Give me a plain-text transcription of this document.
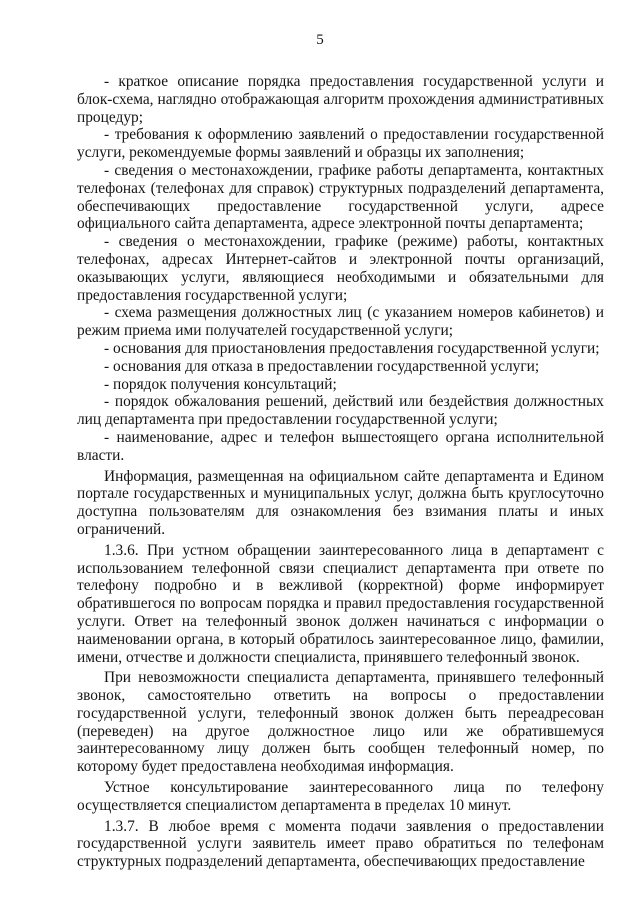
5

- краткое описание порядка предоставления государственной услуги и блок-схема, наглядно отображающая алгоритм прохождения административных процедур;

- требования к оформлению заявлений о предоставлении государственной услуги, рекомендуемые формы заявлений и образцы их заполнения;

- сведения о местонахождении, графике работы департамента, контактных телефонах (телефонах для справок) структурных подразделений департамента, обеспечивающих предоставление государственной услуги, адресе официального сайта департамента, адресе электронной почты департамента;

- сведения о местонахождении, графике (режиме) работы, контактных телефонах, адресах Интернет-сайтов и электронной почты организаций, оказывающих услуги, являющиеся необходимыми и обязательными для предоставления государственной услуги;

- схема размещения должностных лиц (с указанием номеров кабинетов) и режим приема ими получателей государственной услуги;

- основания для приостановления предоставления государственной услуги;

- основания для отказа в предоставлении государственной услуги;

- порядок получения консультаций;

- порядок обжалования решений, действий или бездействия должностных лиц департамента при предоставлении государственной услуги;

- наименование, адрес и телефон вышестоящего органа исполнительной власти.

Информация, размещенная на официальном сайте департамента и Едином портале государственных и муниципальных услуг, должна быть круглосуточно доступна пользователям для ознакомления без взимания платы и иных ограничений.

1.3.6. При устном обращении заинтересованного лица в департамент с использованием телефонной связи специалист департамента при ответе по телефону подробно и в вежливой (корректной) форме информирует обратившегося по вопросам порядка и правил предоставления государственной услуги. Ответ на телефонный звонок должен начинаться с информации о наименовании органа, в который обратилось заинтересованное лицо, фамилии, имени, отчестве и должности специалиста, принявшего телефонный звонок.

При невозможности специалиста департамента, принявшего телефонный звонок, самостоятельно ответить на вопросы о предоставлении государственной услуги, телефонный звонок должен быть переадресован (переведен) на другое должностное лицо или же обратившемуся заинтересованному лицу должен быть сообщен телефонный номер, по которому будет предоставлена необходимая информация.

Устное консультирование заинтересованного лица по телефону осуществляется специалистом департамента в пределах 10 минут.

1.3.7. В любое время с момента подачи заявления о предоставлении государственной услуги заявитель имеет право обратиться по телефонам структурных подразделений департамента, обеспечивающих предоставление
